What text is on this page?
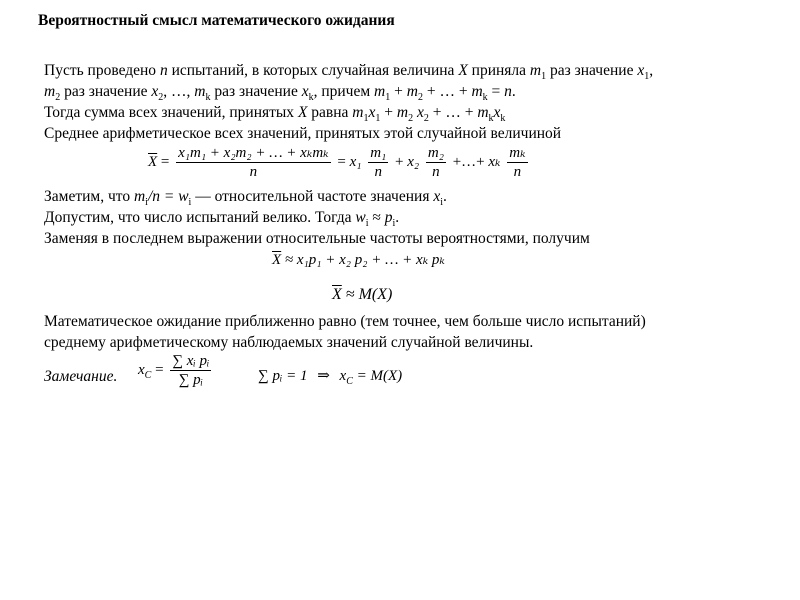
Вероятностный смысл математического ожидания
Пусть проведено n испытаний, в которых случайная величина X приняла $m_1$ раз значение $x_1$,
$m_2$ раз значение $x_2$, …, $m_k$ раз значение $x_k$, причем $m_1 + m_2$ + … + $m_k = n$.
Тогда сумма всех значений, принятых X равна $m_1x_1 + m_2$ $x_2$ + … + $m_kx_k$
Среднее арифметическое всех значений, принятых этой случайной величиной
$\overline{X} = \frac{\text{x₁m₁ + x₂m₂ + … + xₖmₖ}}{n} = x_1 \frac{\text{m₁}}{n} + x_2 \frac{\text{m₂}}{n}$ +…+ xₖ $\frac{\text{mₖ}}{n}$
Заметим, что $m_i/n = w_i$ — относительной частоте значения $x_i$.
Допустим, что число испытаний велико. Тогда $w_i \approx p_i$.
Заменяя в последнем выражении относительные частоты вероятностями, получим
$\overline{X} \approx x_1p_1 + x_2$ p₂ + … + xₖ pₖ
$\overline{X} \approx M(X)$
Математическое ожидание приближенно равно (тем точнее, чем больше число испытаний)
среднему арифметическому наблюдаемых значений случайной величины.
Замечание. $x_C = \frac{\text{∑ xᵢ pᵢ}}{\text{∑ pᵢ}}$	∑ pᵢ = 1 ⇒ $x_C = M(X)$
